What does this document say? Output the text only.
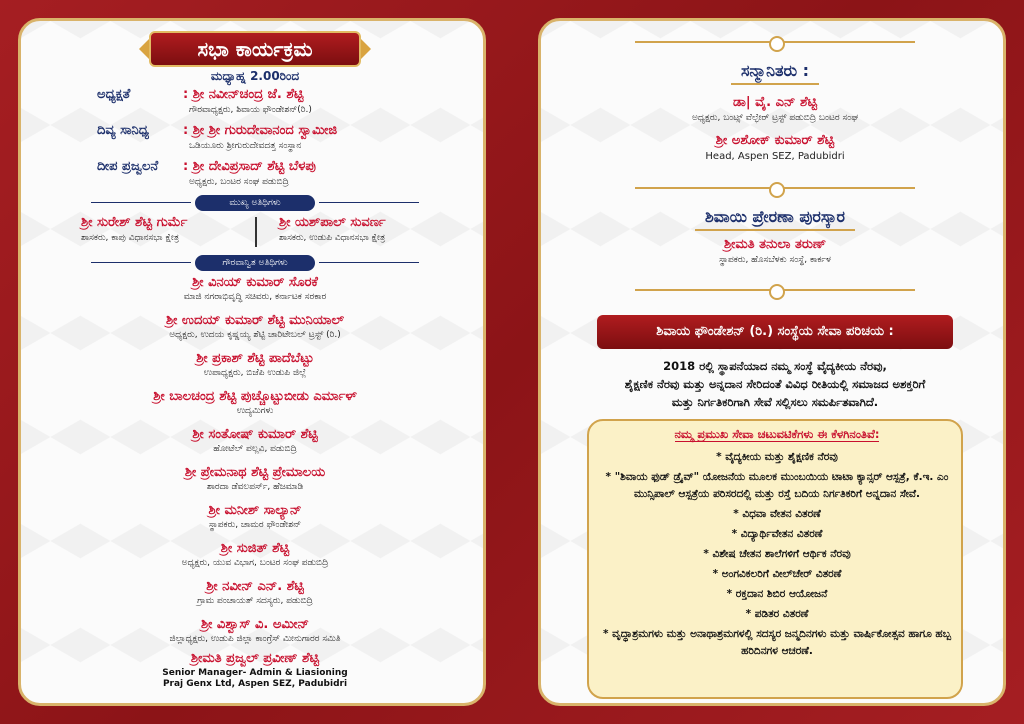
ಸಭಾ ಕಾರ್ಯಕ್ರಮ
ಮಧ್ಯಾಹ್ನ 2.00ರಿಂದ
ಅಧ್ಯಕ್ಷತೆ	: ಶ್ರೀ ನವೀನ್‌ಚಂದ್ರ ಜೆ. ಶೆಟ್ಟಿ
ಗೌರವಾಧ್ಯಕ್ಷರು, ಶಿವಾಯ ಫೌಂಡೇಶನ್(ರಿ.)
ದಿವ್ಯ ಸಾನಿಧ್ಯ	: ಶ್ರೀ ಶ್ರೀ ಗುರುದೇವಾನಂದ ಸ್ವಾಮೀಜಿ
ಒಡಿಯೂರು ಶ್ರೀಗುರುದೇವದತ್ತ ಸಂಸ್ಥಾನ
ದೀಪ ಪ್ರಜ್ವಲನೆ : ಶ್ರೀ ದೇವಿಪ್ರಸಾದ್ ಶೆಟ್ಟಿ ಬೆಳಪು
ಅಧ್ಯಕ್ಷರು, ಬಂಟರ ಸಂಘ ಪಡುಬಿದ್ರಿ
ಮುಖ್ಯ ಅತಿಥಿಗಳು
ಶ್ರೀ ಸುರೇಶ್ ಶೆಟ್ಟಿ ಗುರ್ಮೆ
ಶಾಸಕರು, ಕಾಪು ವಿಧಾನಸಭಾ ಕ್ಷೇತ್ರ
ಶ್ರೀ ಯಶ್‌ಪಾಲ್ ಸುವರ್ಣ
ಶಾಸಕರು, ಉಡುಪಿ ವಿಧಾನಸಭಾ ಕ್ಷೇತ್ರ
ಗೌರವಾನ್ವಿತ ಅತಿಥಿಗಳು
ಶ್ರೀ ವಿನಯ್ ಕುಮಾರ್ ಸೊರಕೆ
ಮಾಜಿ ನಗರಾಭಿವೃದ್ಧಿ ಸಚಿವರು, ಕರ್ನಾಟಕ ಸರಕಾರ
ಶ್ರೀ ಉದಯ್ ಕುಮಾರ್ ಶೆಟ್ಟಿ ಮುನಿಯಾಲ್
ಅಧ್ಯಕ್ಷರು, ಉದಯ ಕೃಷ್ಣಯ್ಯ ಶೆಟ್ಟಿ ಚಾರಿಟೇಬಲ್ ಟ್ರಸ್ಟ್ (ರಿ.)
ಶ್ರೀ ಪ್ರಕಾಶ್ ಶೆಟ್ಟಿ ಪಾದೆಬೆಟ್ಟು
ಉಪಾಧ್ಯಕ್ಷರು, ಬಿಜೆಪಿ ಉಡುಪಿ ಜಿಲ್ಲೆ
ಶ್ರೀ ಬಾಲಚಂದ್ರ ಶೆಟ್ಟಿ ಪುಚ್ಚೊಟ್ಟುಬೀಡು ಎರ್ಮಾಳ್
ಉದ್ಯಮಿಗಳು
ಶ್ರೀ ಸಂತೋಷ್ ಕುಮಾರ್ ಶೆಟ್ಟಿ
ಹೋಟೆಲ್ ಪಲ್ಲವಿ, ಪಡುಬಿದ್ರಿ
ಶ್ರೀ ಪ್ರೇಮನಾಥ ಶೆಟ್ಟಿ ಪ್ರೇಮಾಲಯ
ಶಾರದಾ ಡೆವಲಪರ್ಸ್, ಹೆಜಮಾಡಿ
ಶ್ರೀ ಮನೀಶ್ ಸಾಲ್ಯಾನ್
ಸ್ಥಾಪಕರು, ಚಾಮರ ಫೌಂಡೇಶನ್
ಶ್ರೀ ಸುಜಿತ್ ಶೆಟ್ಟಿ
ಅಧ್ಯಕ್ಷರು, ಯುವ ವಿಭಾಗ, ಬಂಟರ ಸಂಘ ಪಡುಬಿದ್ರಿ
ಶ್ರೀ ನವೀನ್ ಎನ್. ಶೆಟ್ಟಿ
ಗ್ರಾಮ ಪಂಚಾಯತ್ ಸದಸ್ಯರು, ಪಡುಬಿದ್ರಿ
ಶ್ರೀ ವಿಶ್ವಾಸ್ ವಿ. ಅಮೀನ್
ಜಿಲ್ಲಾಧ್ಯಕ್ಷರು, ಉಡುಪಿ ಜಿಲ್ಲಾ ಕಾಂಗ್ರೆಸ್ ಮೀನುಗಾರರ ಸಮಿತಿ
ಶ್ರೀಮತಿ ಪ್ರಜ್ವಲ್ ಪ್ರವೀಣ್ ಶೆಟ್ಟಿ
Senior Manager- Admin & Liasioning
Praj Genx Ltd, Aspen SEZ, Padubidri
ಸನ್ಮಾನಿತರು :
ಡಾ| ವೈ. ಎನ್ ಶೆಟ್ಟಿ
ಅಧ್ಯಕ್ಷರು, ಬಂಟ್ಸ್ ವೆಲ್ಫೇರ್ ಟ್ರಸ್ಟ್ ಪಡುಬಿದ್ರಿ ಬಂಟರ ಸಂಘ
ಶ್ರೀ ಅಶೋಕ್ ಕುಮಾರ್ ಶೆಟ್ಟಿ
Head, Aspen SEZ, Padubidri
ಶಿವಾಯಿ ಪ್ರೇರಣಾ ಪುರಸ್ಕಾರ
ಶ್ರೀಮತಿ ತನುಲಾ ತರುಣ್
ಸ್ಥಾಪಕರು, ಹೊಸಬೆಳಕು ಸಂಸ್ಥೆ, ಕಾರ್ಕಳ
ಶಿವಾಯ ಫೌಂಡೇಶನ್ (ರಿ.) ಸಂಸ್ಥೆಯ ಸೇವಾ ಪರಿಚಯ :
2018 ರಲ್ಲಿ ಸ್ಥಾಪನೆಯಾದ ನಮ್ಮ ಸಂಸ್ಥೆ ವೈದ್ಯಕೀಯ ನೆರವು,
ಶೈಕ್ಷಣಿಕ ನೆರವು ಮತ್ತು ಅನ್ನದಾನ ಸೇರಿದಂತೆ ವಿವಿಧ ರೀತಿಯಲ್ಲಿ ಸಮಾಜದ ಅಶಕ್ತರಿಗೆ
ಮತ್ತು ನಿರ್ಗತಿಕರಿಗಾಗಿ ಸೇವೆ ಸಲ್ಲಿಸಲು ಸಮರ್ಪಿತವಾಗಿದೆ.
ನಮ್ಮ ಪ್ರಮುಖ ಸೇವಾ ಚಟುವಟಿಕೆಗಳು ಈ ಕೆಳಗಿನಂತಿವೆ:
* ವೈದ್ಯಕೀಯ ಮತ್ತು ಶೈಕ್ಷಣಿಕ ನೆರವು
* "ಶಿವಾಯ ಫುಡ್ ಡ್ರೈವ್" ಯೋಜನೆಯ ಮೂಲಕ ಮುಂಬಯಿಯ ಟಾಟಾ ಕ್ಯಾನ್ಸರ್ ಆಸ್ಪತ್ರೆ, ಕೆ.ಇ. ಎಂ ಮುನ್ಸಿಪಾಲ್ ಆಸ್ಪತ್ರೆಯ ಪರಿಸರದಲ್ಲಿ ಮತ್ತು ರಸ್ತೆ ಬದಿಯ ನಿರ್ಗತಿಕರಿಗೆ ಅನ್ನದಾನ ಸೇವೆ.
* ವಿಧವಾ ವೇತನ ವಿತರಣೆ
* ವಿದ್ಯಾರ್ಥಿವೇತನ ವಿತರಣೆ
* ವಿಶೇಷ ಚೇತನ ಶಾಲೆಗಳಿಗೆ ಆರ್ಥಿಕ ನೆರವು
* ಅಂಗವಿಕಲರಿಗೆ ವೀಲ್‌ಚೇರ್ ವಿತರಣೆ
* ರಕ್ತದಾನ ಶಿಬಿರ ಆಯೋಜನೆ
* ಪಡಿತರ ವಿತರಣೆ
* ವೃದ್ಧಾಶ್ರಮಗಳು ಮತ್ತು ಅನಾಥಾಶ್ರಮಗಳಲ್ಲಿ ಸದಸ್ಯರ ಜನ್ಮದಿನಗಳು ಮತ್ತು ವಾರ್ಷಿಕೋತ್ಸವ ಹಾಗೂ ಹಬ್ಬ ಹರಿದಿನಗಳ ಆಚರಣೆ.
